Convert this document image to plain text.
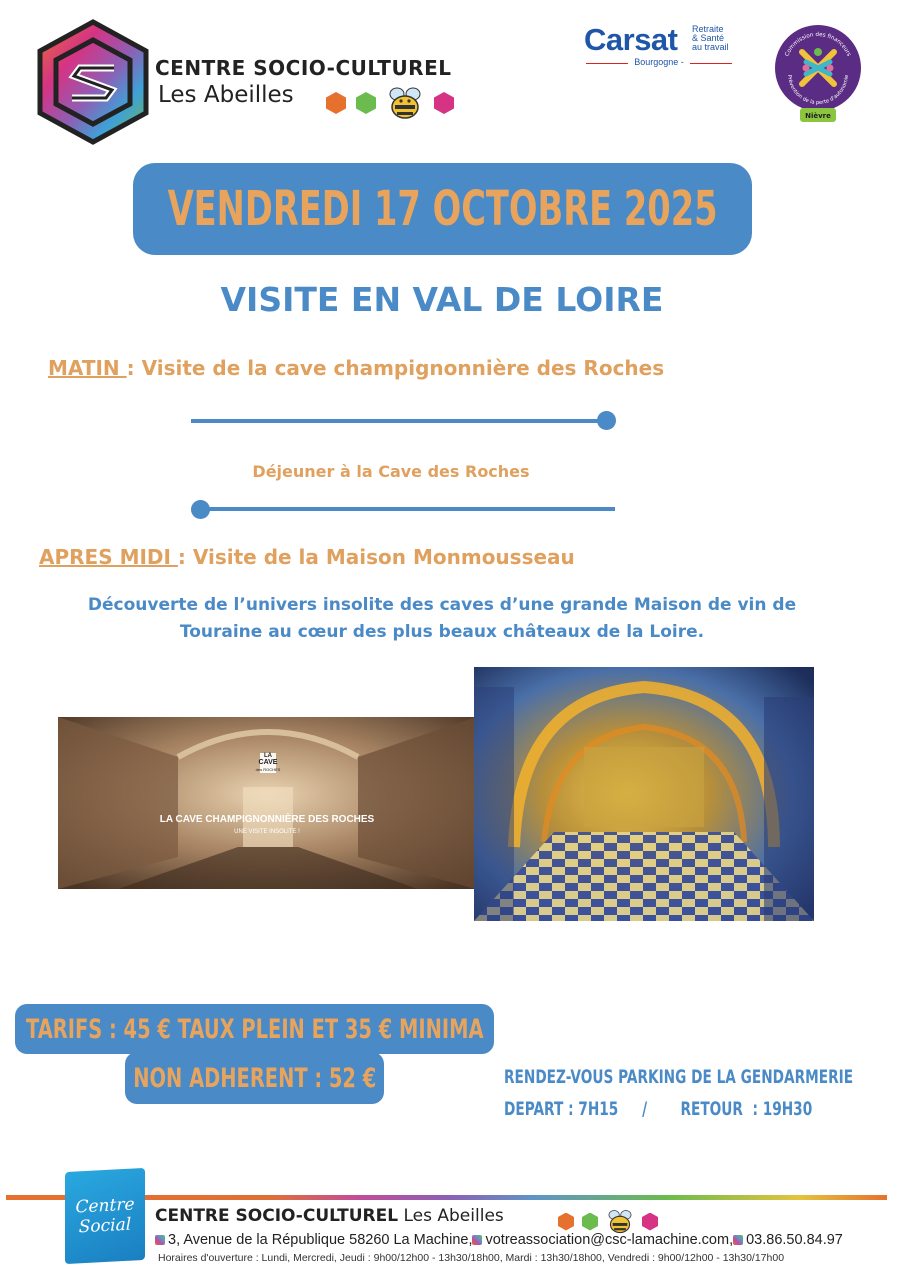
CENTRE SOCIO-CULTUREL
Les Abeilles
Carsat Retraite
& Santé
au travail
Bourgogne -
Commission des financeurs
Prévention de la perte d'autonomie
Nièvre
VENDREDI 17 OCTOBRE 2025
VISITE EN VAL DE LOIRE
MATIN : Visite de la cave champignonnière des Roches
Déjeuner à la Cave des Roches
APRES MIDI : Visite de la Maison Monmousseau
Découverte de l’univers insolite des caves d’une grande Maison de vin de
Touraine au cœur des plus beaux châteaux de la Loire.
LA
CAVE
des ROCHES
LA CAVE CHAMPIGNONNIÈRE DES ROCHES
UNE VISITE INSOLITE !
TARIFS : 45 € TAUX PLEIN ET 35 € MINIMA
NON ADHERENT : 52 €	RENDEZ-VOUS PARKING DE LA GENDARMERIE
DEPART : 7H15     /       RETOUR  : 19H30
Centre
Social CENTRE SOCIO-CULTUREL Les Abeilles
3, Avenue de la République 58260 La Machine, votreassociation@csc-lamachine.com, 03.86.50.84.97
Horaires d'ouverture : Lundi, Mercredi, Jeudi : 9h00/12h00 - 13h30/18h00, Mardi : 13h30/18h00, Vendredi : 9h00/12h00 - 13h30/17h00
